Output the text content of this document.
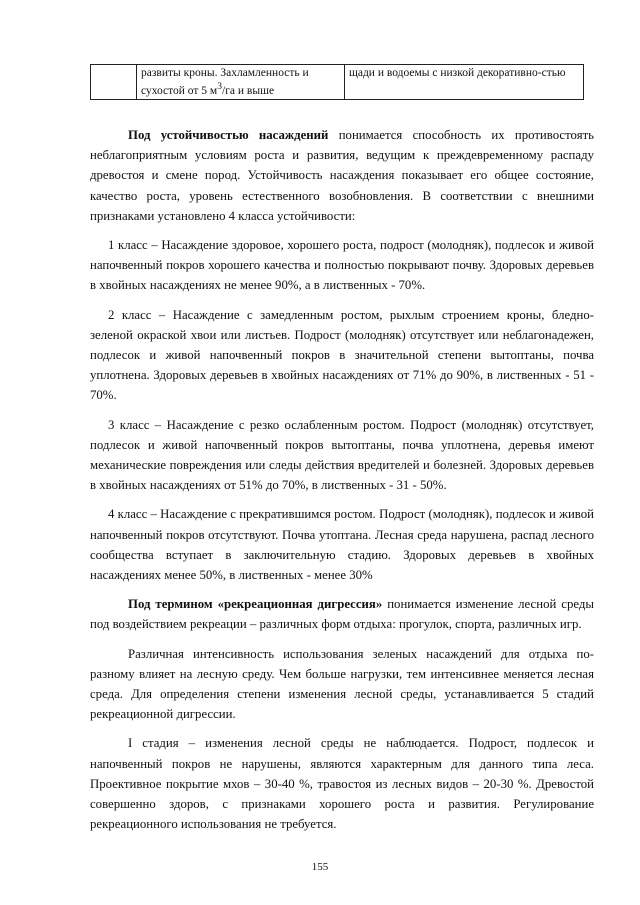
	развиты кроны. Захламленность и сухостой от 5 $м^3/га$ и выше	щади и водоемы с низкой декоративно-стью

Под устойчивостью насаждений понимается способность их противостоять неблагоприятным условиям роста и развития, ведущим к преждевременному распаду древостоя и смене пород. Устойчивость насаждения показывает его общее состояние, качество роста, уровень естественного возобновления. В соответствии с внешними признаками установлено 4 класса устойчивости:

1 класс – Насаждение здоровое, хорошего роста, подрост (молодняк), подлесок и живой напочвенный покров хорошего качества и полностью покрывают почву. Здоровых деревьев в хвойных насаждениях не менее 90%, а в лиственных - 70%.

2 класс – Насаждение с замедленным ростом, рыхлым строением кроны, бледно-зеленой окраской хвои или листьев. Подрост (молодняк) отсутствует или неблагонадежен, подлесок и живой напочвенный покров в значительной степени вытоптаны, почва уплотнена. Здоровых деревьев в хвойных насаждениях от 71% до 90%, в лиственных - 51 - 70%.

3 класс – Насаждение с резко ослабленным ростом. Подрост (молодняк) отсутствует, подлесок и живой напочвенный покров вытоптаны, почва уплотнена, деревья имеют механические повреждения или следы действия вредителей и болезней. Здоровых деревьев в хвойных насаждениях от 51% до 70%, в лиственных - 31 - 50%.

4 класс – Насаждение с прекратившимся ростом. Подрост (молодняк), подлесок и живой напочвенный покров отсутствуют. Почва утоптана. Лесная среда нарушена, распад лесного сообщества вступает в заключительную стадию. Здоровых деревьев в хвойных насаждениях менее 50%, в лиственных - менее 30%

Под термином «рекреационная дигрессия» понимается изменение лесной среды под воздействием рекреации – различных форм отдыха: прогулок, спорта, различных игр.

Различная интенсивность использования зеленых насаждений для отдыха по-разному влияет на лесную среду. Чем больше нагрузки, тем интенсивнее меняется лесная среда. Для определения степени изменения лесной среды, устанавливается 5 стадий рекреационной дигрессии.

I стадия – изменения лесной среды не наблюдается. Подрост, подлесок и напочвенный покров не нарушены, являются характерным для данного типа леса. Проективное покрытие мхов – 30-40 %, травостоя из лесных видов – 20-30 %. Древостой совершенно здоров, с признаками хорошего роста и развития. Регулирование рекреационного использования не требуется.

155
